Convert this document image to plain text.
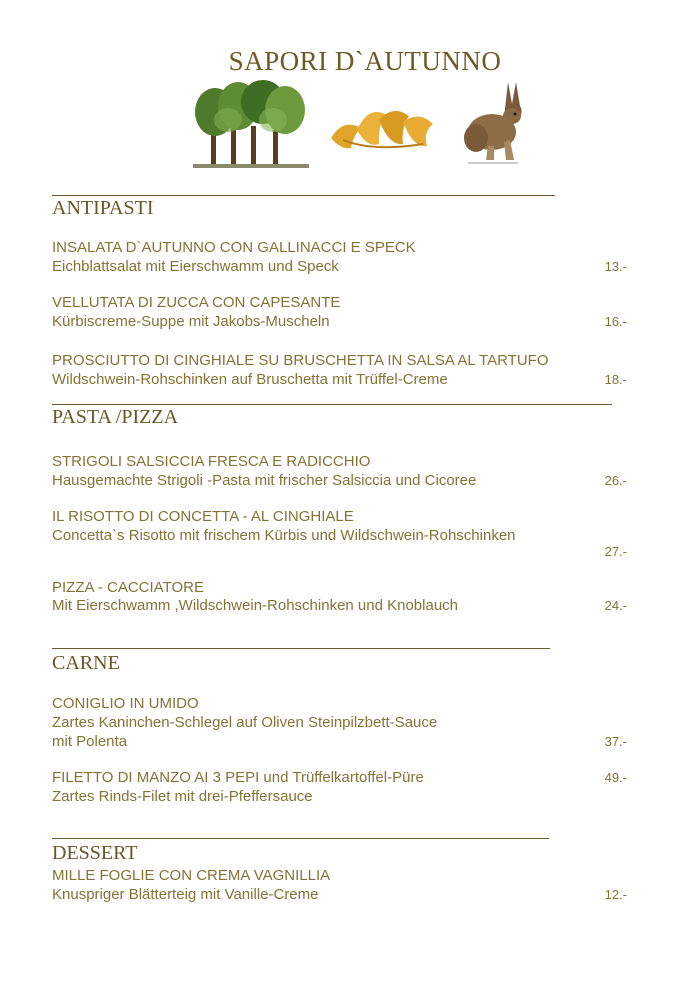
SAPORI D`AUTUNNO
ANTIPASTI
INSALATA D`AUTUNNO CON GALLINACCI E SPECK
Eichblattsalat mit Eierschwamm und Speck	13.-
VELLUTATA DI ZUCCA CON CAPESANTE
Kürbiscreme-Suppe mit Jakobs-Muscheln	16.-
PROSCIUTTO DI CINGHIALE SU BRUSCHETTA IN SALSA AL TARTUFO
Wildschwein-Rohschinken auf Bruschetta mit Trüffel-Creme	18.-
PASTA /PIZZA
STRIGOLI SALSICCIA FRESCA E RADICCHIO
Hausgemachte Strigoli -Pasta mit frischer Salsiccia und Cicoree	26.-
IL RISOTTO DI CONCETTA - AL CINGHIALE
Concetta`s Risotto mit frischem Kürbis und Wildschwein-Rohschinken
27.-
PIZZA - CACCIATORE
Mit Eierschwamm ,Wildschwein-Rohschinken und Knoblauch	24.-
CARNE
CONIGLIO IN UMIDO
Zartes Kaninchen-Schlegel auf Oliven Steinpilzbett-Sauce
mit Polenta	37.-
FILETTO DI MANZO AI 3 PEPI und Trüffelkartoffel-Püre	49.-
Zartes Rinds-Filet mit drei-Pfeffersauce
DESSERT
MILLE FOGLIE CON CREMA VAGNILLIA
Knuspriger Blätterteig mit Vanille-Creme	12.-
